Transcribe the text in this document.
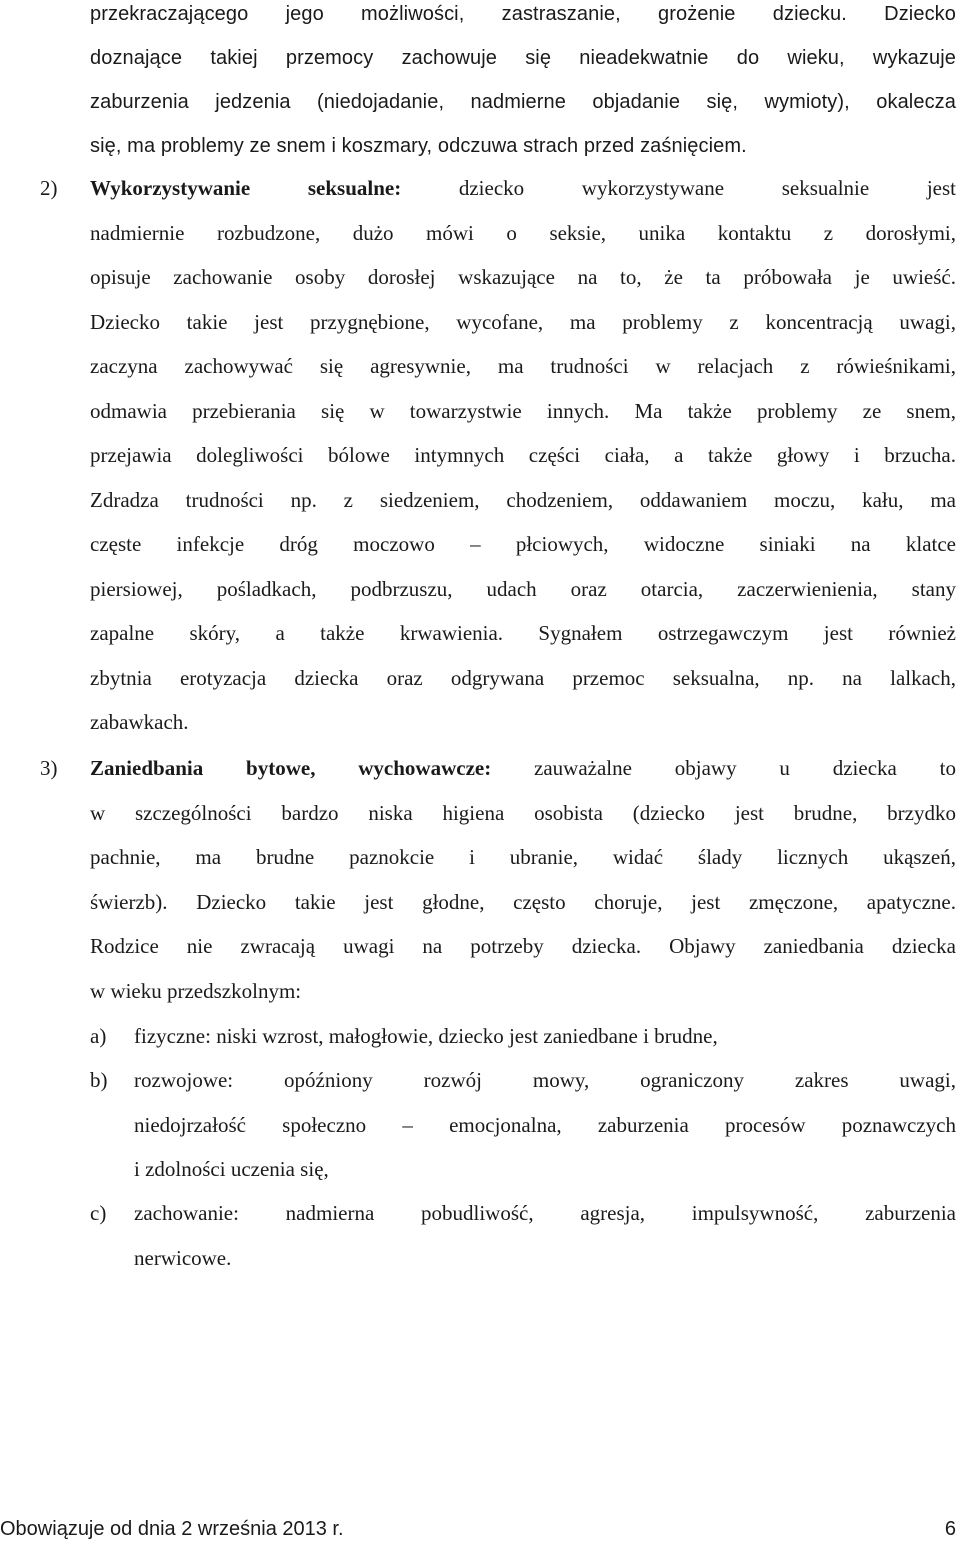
przekraczającego jego możliwości, zastraszanie, grożenie dziecku. Dziecko
doznające takiej przemocy zachowuje się nieadekwatnie do wieku, wykazuje
zaburzenia jedzenia (niedojadanie, nadmierne objadanie się, wymioty), okalecza
się, ma problemy ze snem i koszmary, odczuwa strach przed zaśnięciem.
2) Wykorzystywanie seksualne: dziecko wykorzystywane seksualnie jest
nadmiernie rozbudzone, dużo mówi o seksie, unika kontaktu z dorosłymi,
opisuje zachowanie osoby dorosłej wskazujące na to, że ta próbowała je uwieść.
Dziecko takie jest przygnębione, wycofane, ma problemy z koncentracją uwagi,
zaczyna zachowywać się agresywnie, ma trudności w relacjach z rówieśnikami,
odmawia przebierania się w towarzystwie innych. Ma także problemy ze snem,
przejawia dolegliwości bólowe intymnych części ciała, a także głowy i brzucha.
Zdradza trudności np. z siedzeniem, chodzeniem, oddawaniem moczu, kału, ma
częste infekcje dróg moczowo – płciowych, widoczne siniaki na klatce
piersiowej, pośladkach, podbrzuszu, udach oraz otarcia, zaczerwienienia, stany
zapalne skóry, a także krwawienia. Sygnałem ostrzegawczym jest również
zbytnia erotyzacja dziecka oraz odgrywana przemoc seksualna, np. na lalkach,
zabawkach.
3) Zaniedbania bytowe, wychowawcze: zauważalne objawy u dziecka to
w szczególności bardzo niska higiena osobista (dziecko jest brudne, brzydko
pachnie, ma brudne paznokcie i ubranie, widać ślady licznych ukąszeń,
świerzb). Dziecko takie jest głodne, często choruje, jest zmęczone, apatyczne.
Rodzice nie zwracają uwagi na potrzeby dziecka. Objawy zaniedbania dziecka
w wieku przedszkolnym:
a) fizyczne: niski wzrost, małogłowie, dziecko jest zaniedbane i brudne,
b) rozwojowe: opóźniony rozwój mowy, ograniczony zakres uwagi,
niedojrzałość społeczno – emocjonalna, zaburzenia procesów poznawczych
i zdolności uczenia się,
c) zachowanie: nadmierna pobudliwość, agresja, impulsywność, zaburzenia
nerwicowe.
Obowiązuje od dnia 2 września 2013 r.	6
